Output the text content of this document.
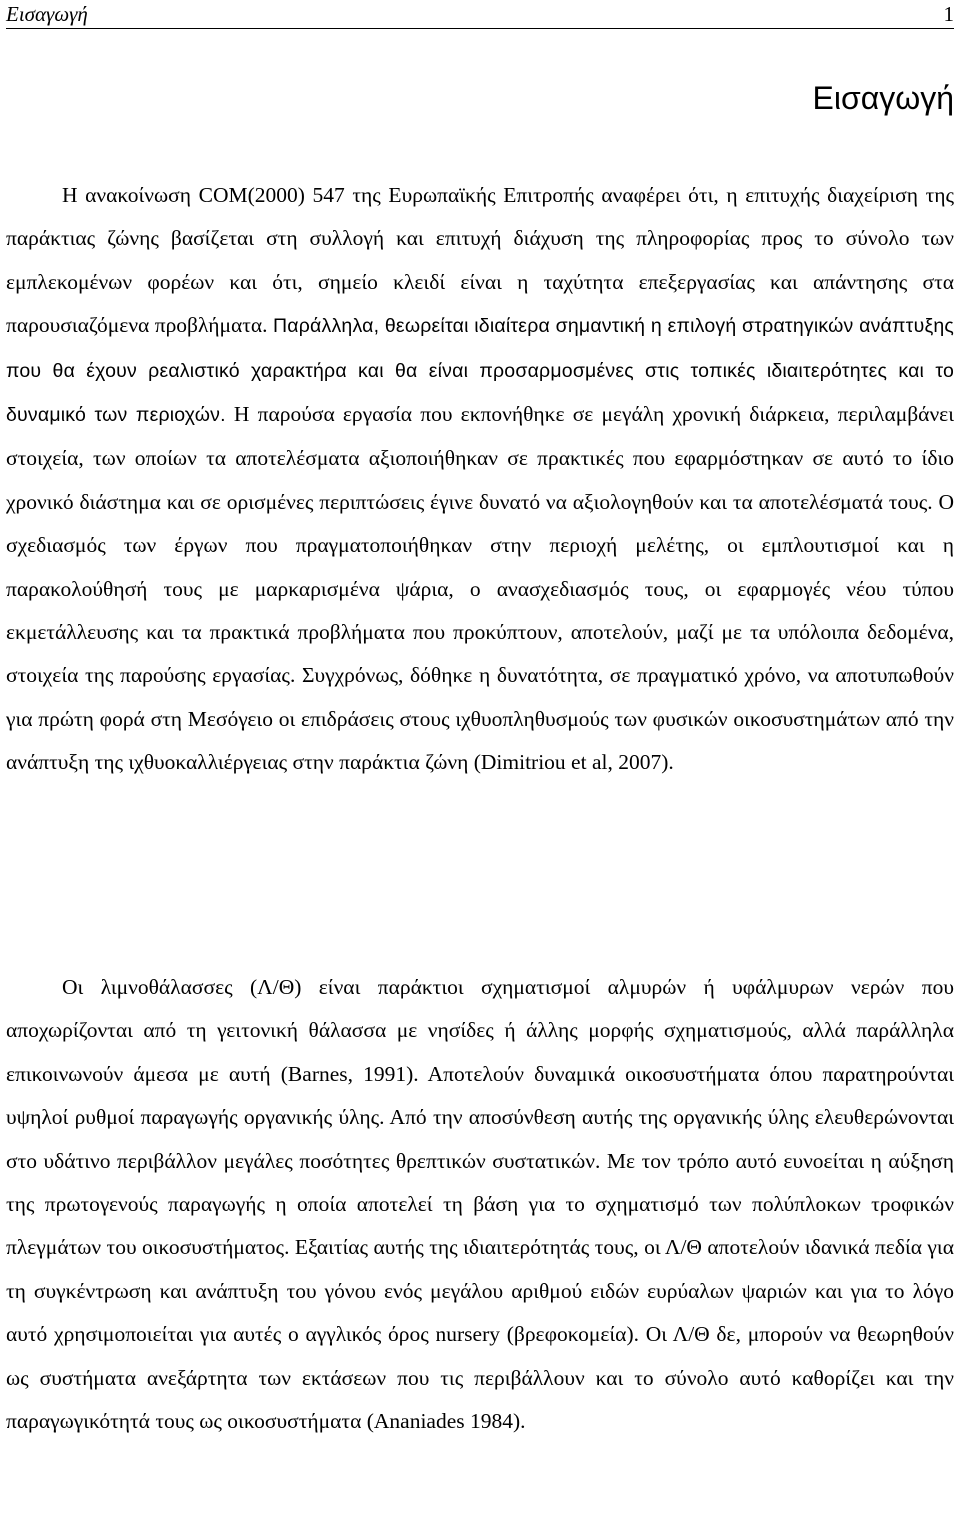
Εισαγωγή	1
Εισαγωγή

Η ανακοίνωση COM(2000) 547 της Ευρωπαϊκής Επιτροπής αναφέρει ότι, η επιτυχής διαχείριση της παράκτιας ζώνης βασίζεται στη συλλογή και επιτυχή διάχυση της πληροφορίας προς το σύνολο των εμπλεκομένων φορέων και ότι, σημείο κλειδί είναι η ταχύτητα επεξεργασίας και απάντησης στα παρουσιαζόμενα προβλήματα. Παράλληλα, θεωρείται ιδιαίτερα σημαντική η επιλογή στρατηγικών ανάπτυξης που θα έχουν ρεαλιστικό χαρακτήρα και θα είναι προσαρμοσμένες στις τοπικές ιδιαιτερότητες και το δυναμικό των περιοχών. Η παρούσα εργασία που εκπονήθηκε σε μεγάλη χρονική διάρκεια, περιλαμβάνει στοιχεία, των οποίων τα αποτελέσματα αξιοποιήθηκαν σε πρακτικές που εφαρμόστηκαν σε αυτό το ίδιο χρονικό διάστημα και σε ορισμένες περιπτώσεις έγινε δυνατό να αξιολογηθούν και τα αποτελέσματά τους. Ο σχεδιασμός των έργων που πραγματοποιήθηκαν στην περιοχή μελέτης, οι εμπλουτισμοί και η παρακολούθησή τους με μαρκαρισμένα ψάρια, ο ανασχεδιασμός τους, οι εφαρμογές νέου τύπου εκμετάλλευσης και τα πρακτικά προβλήματα που προκύπτουν, αποτελούν, μαζί με τα υπόλοιπα δεδομένα, στοιχεία της παρούσης εργασίας. Συγχρόνως, δόθηκε η δυνατότητα, σε πραγματικό χρόνο, να αποτυπωθούν για πρώτη φορά στη Μεσόγειο οι επιδράσεις στους ιχθυοπληθυσμούς των φυσικών οικοσυστημάτων από την ανάπτυξη της ιχθυοκαλλιέργειας στην παράκτια ζώνη (Dimitriou et al, 2007).

Οι λιμνοθάλασσες (Λ/Θ) είναι παράκτιοι σχηματισμοί αλμυρών ή υφάλμυρων νερών που αποχωρίζονται από τη γειτονική θάλασσα με νησίδες ή άλλης μορφής σχηματισμούς, αλλά παράλληλα επικοινωνούν άμεσα με αυτή (Barnes, 1991). Αποτελούν δυναμικά οικοσυστήματα όπου παρατηρούνται υψηλοί ρυθμοί παραγωγής οργανικής ύλης. Από την αποσύνθεση αυτής της οργανικής ύλης ελευθερώνονται στο υδάτινο περιβάλλον μεγάλες ποσότητες θρεπτικών συστατικών. Με τον τρόπο αυτό ευνοείται η αύξηση της πρωτογενούς παραγωγής η οποία αποτελεί τη βάση για το σχηματισμό των πολύπλοκων τροφικών πλεγμάτων του οικοσυστήματος. Εξαιτίας αυτής της ιδιαιτερότητάς τους, οι Λ/Θ αποτελούν ιδανικά πεδία για τη συγκέντρωση και ανάπτυξη του γόνου ενός μεγάλου αριθμού ειδών ευρύαλων ψαριών και για το λόγο αυτό χρησιμοποιείται για αυτές ο αγγλικός όρος nursery (βρεφοκομεία). Οι Λ/Θ δε, μπορούν να θεωρηθούν ως συστήματα ανεξάρτητα των εκτάσεων που τις περιβάλλουν και το σύνολο αυτό καθορίζει και την παραγωγικότητά τους ως οικοσυστήματα (Ananiades 1984).
